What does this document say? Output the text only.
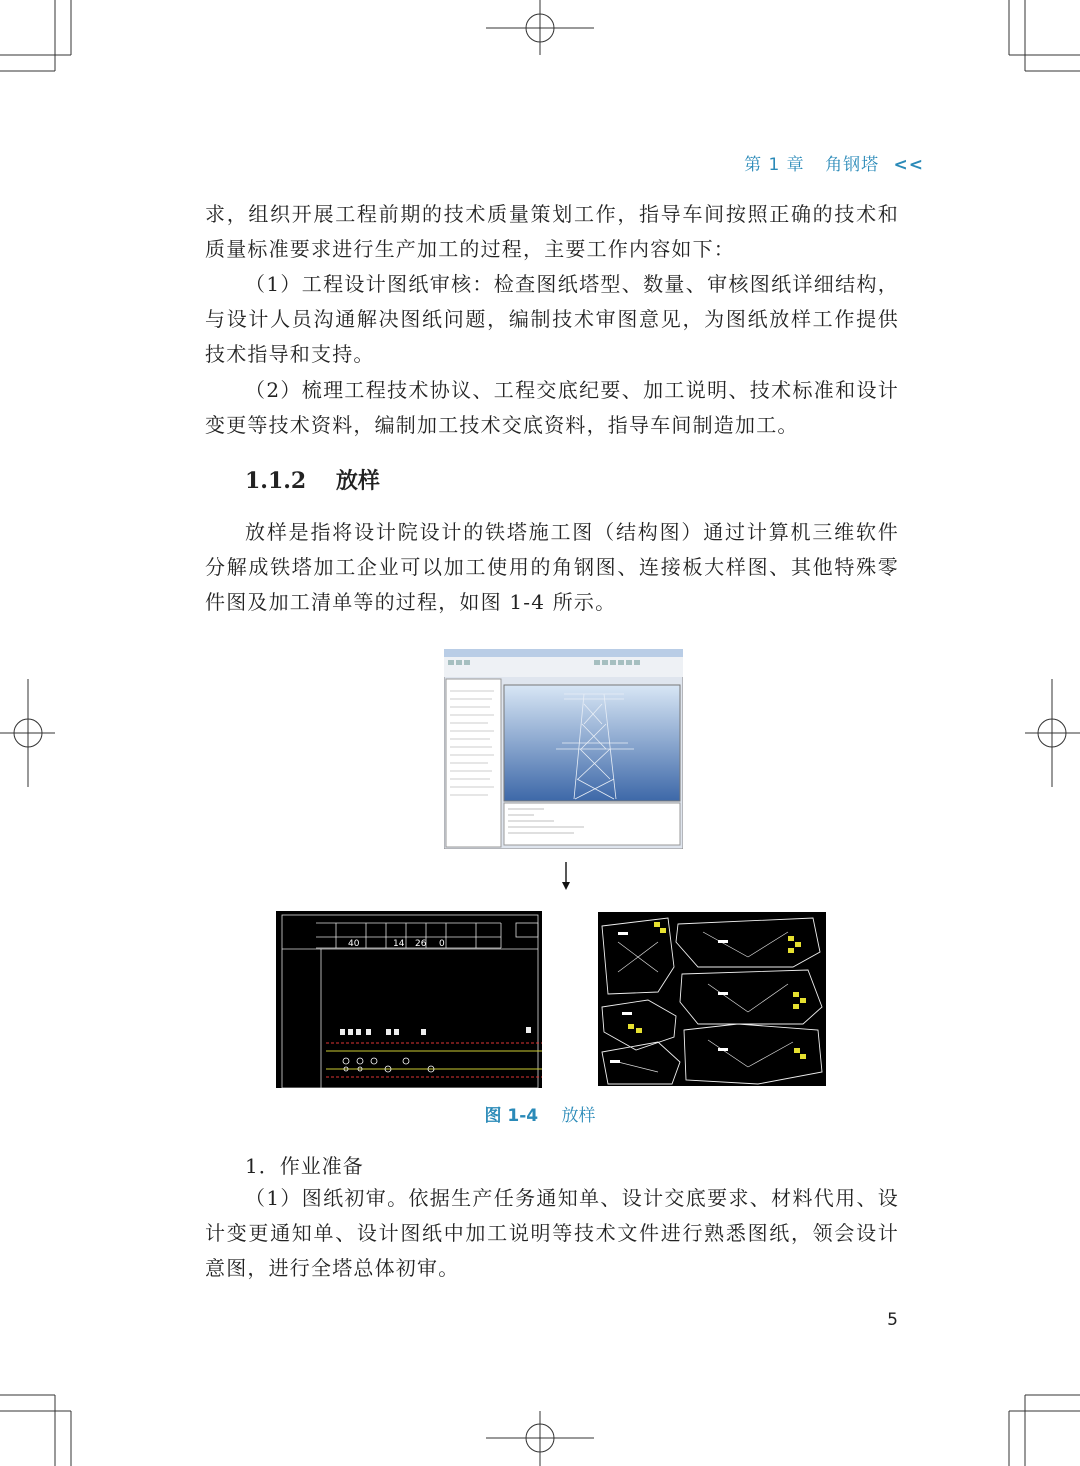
第 1 章 角钢塔 <<

求，组织开展工程前期的技术质量策划工作，指导车间按照正确的技术和质量标准要求进行生产加工的过程，主要工作内容如下：

（1）工程设计图纸审核：检查图纸塔型、数量、审核图纸详细结构，与设计人员沟通解决图纸问题，编制技术审图意见，为图纸放样工作提供技术指导和支持。

（2）梳理工程技术协议、工程交底纪要、加工说明、技术标准和设计变更等技术资料，编制加工技术交底资料，指导车间制造加工。

1.1.2 放样

放样是指将设计院设计的铁塔施工图（结构图）通过计算机三维软件分解成铁塔加工企业可以加工使用的角钢图、连接板大样图、其他特殊零件图及加工清单等的过程，如图 1-4 所示。

40	14 26 0
图 1-4 放样
1．作业准备

（1）图纸初审。依据生产任务通知单、设计交底要求、材料代用、设计变更通知单、设计图纸中加工说明等技术文件进行熟悉图纸，领会设计意图，进行全塔总体初审。

5
